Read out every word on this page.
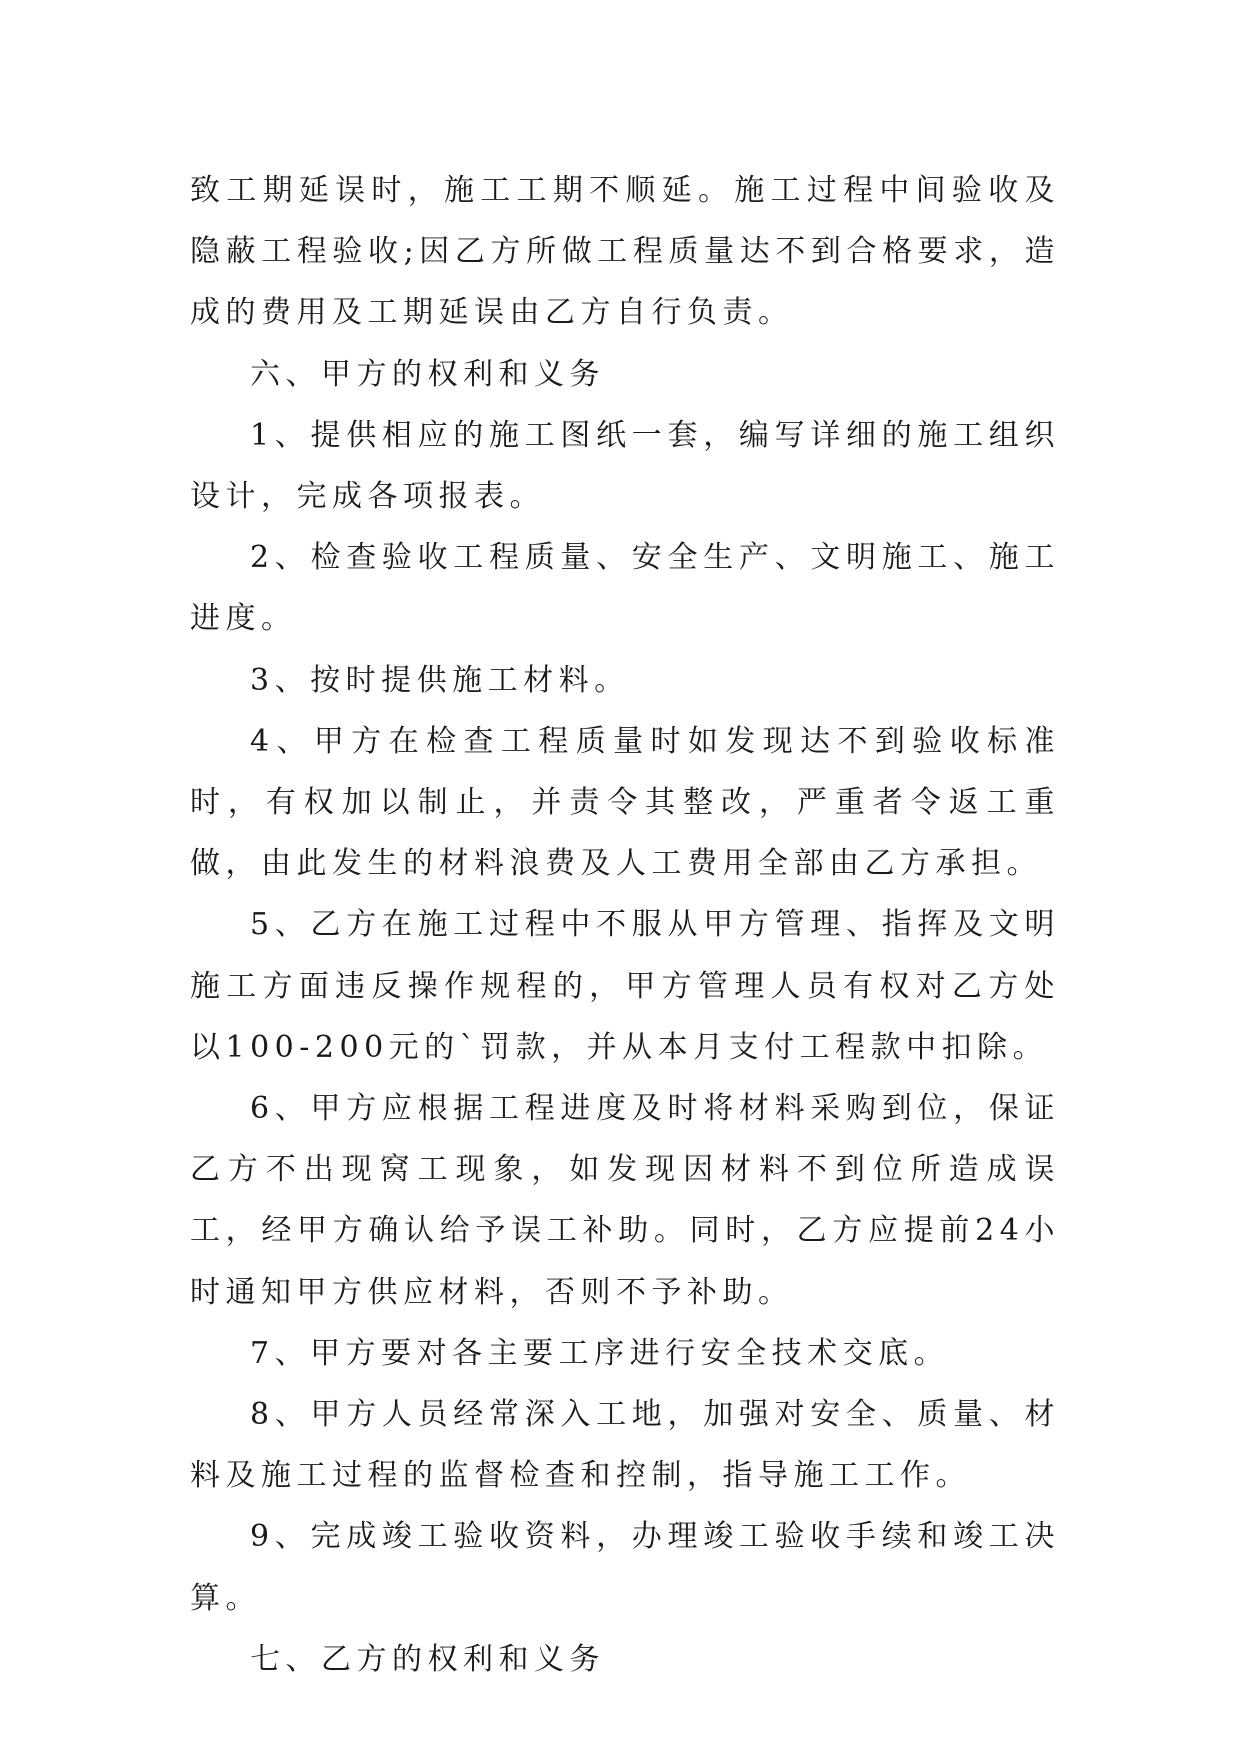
致工期延误时，施工工期不顺延。施工过程中间验收及隐蔽工程验收;因乙方所做工程质量达不到合格要求，造成的费用及工期延误由乙方自行负责。

六、甲方的权利和义务

1、提供相应的施工图纸一套，编写详细的施工组织设计，完成各项报表。

2、检查验收工程质量、安全生产、文明施工、施工进度。

3、按时提供施工材料。

4、甲方在检查工程质量时如发现达不到验收标准时，有权加以制止，并责令其整改，严重者令返工重做，由此发生的材料浪费及人工费用全部由乙方承担。

5、乙方在施工过程中不服从甲方管理、指挥及文明施工方面违反操作规程的，甲方管理人员有权对乙方处以100-200元的`罚款，并从本月支付工程款中扣除。

6、甲方应根据工程进度及时将材料采购到位，保证乙方不出现窝工现象，如发现因材料不到位所造成误工，经甲方确认给予误工补助。同时，乙方应提前24小时通知甲方供应材料，否则不予补助。

7、甲方要对各主要工序进行安全技术交底。

8、甲方人员经常深入工地，加强对安全、质量、材料及施工过程的监督检查和控制，指导施工工作。

9、完成竣工验收资料，办理竣工验收手续和竣工决算。

七、乙方的权利和义务
